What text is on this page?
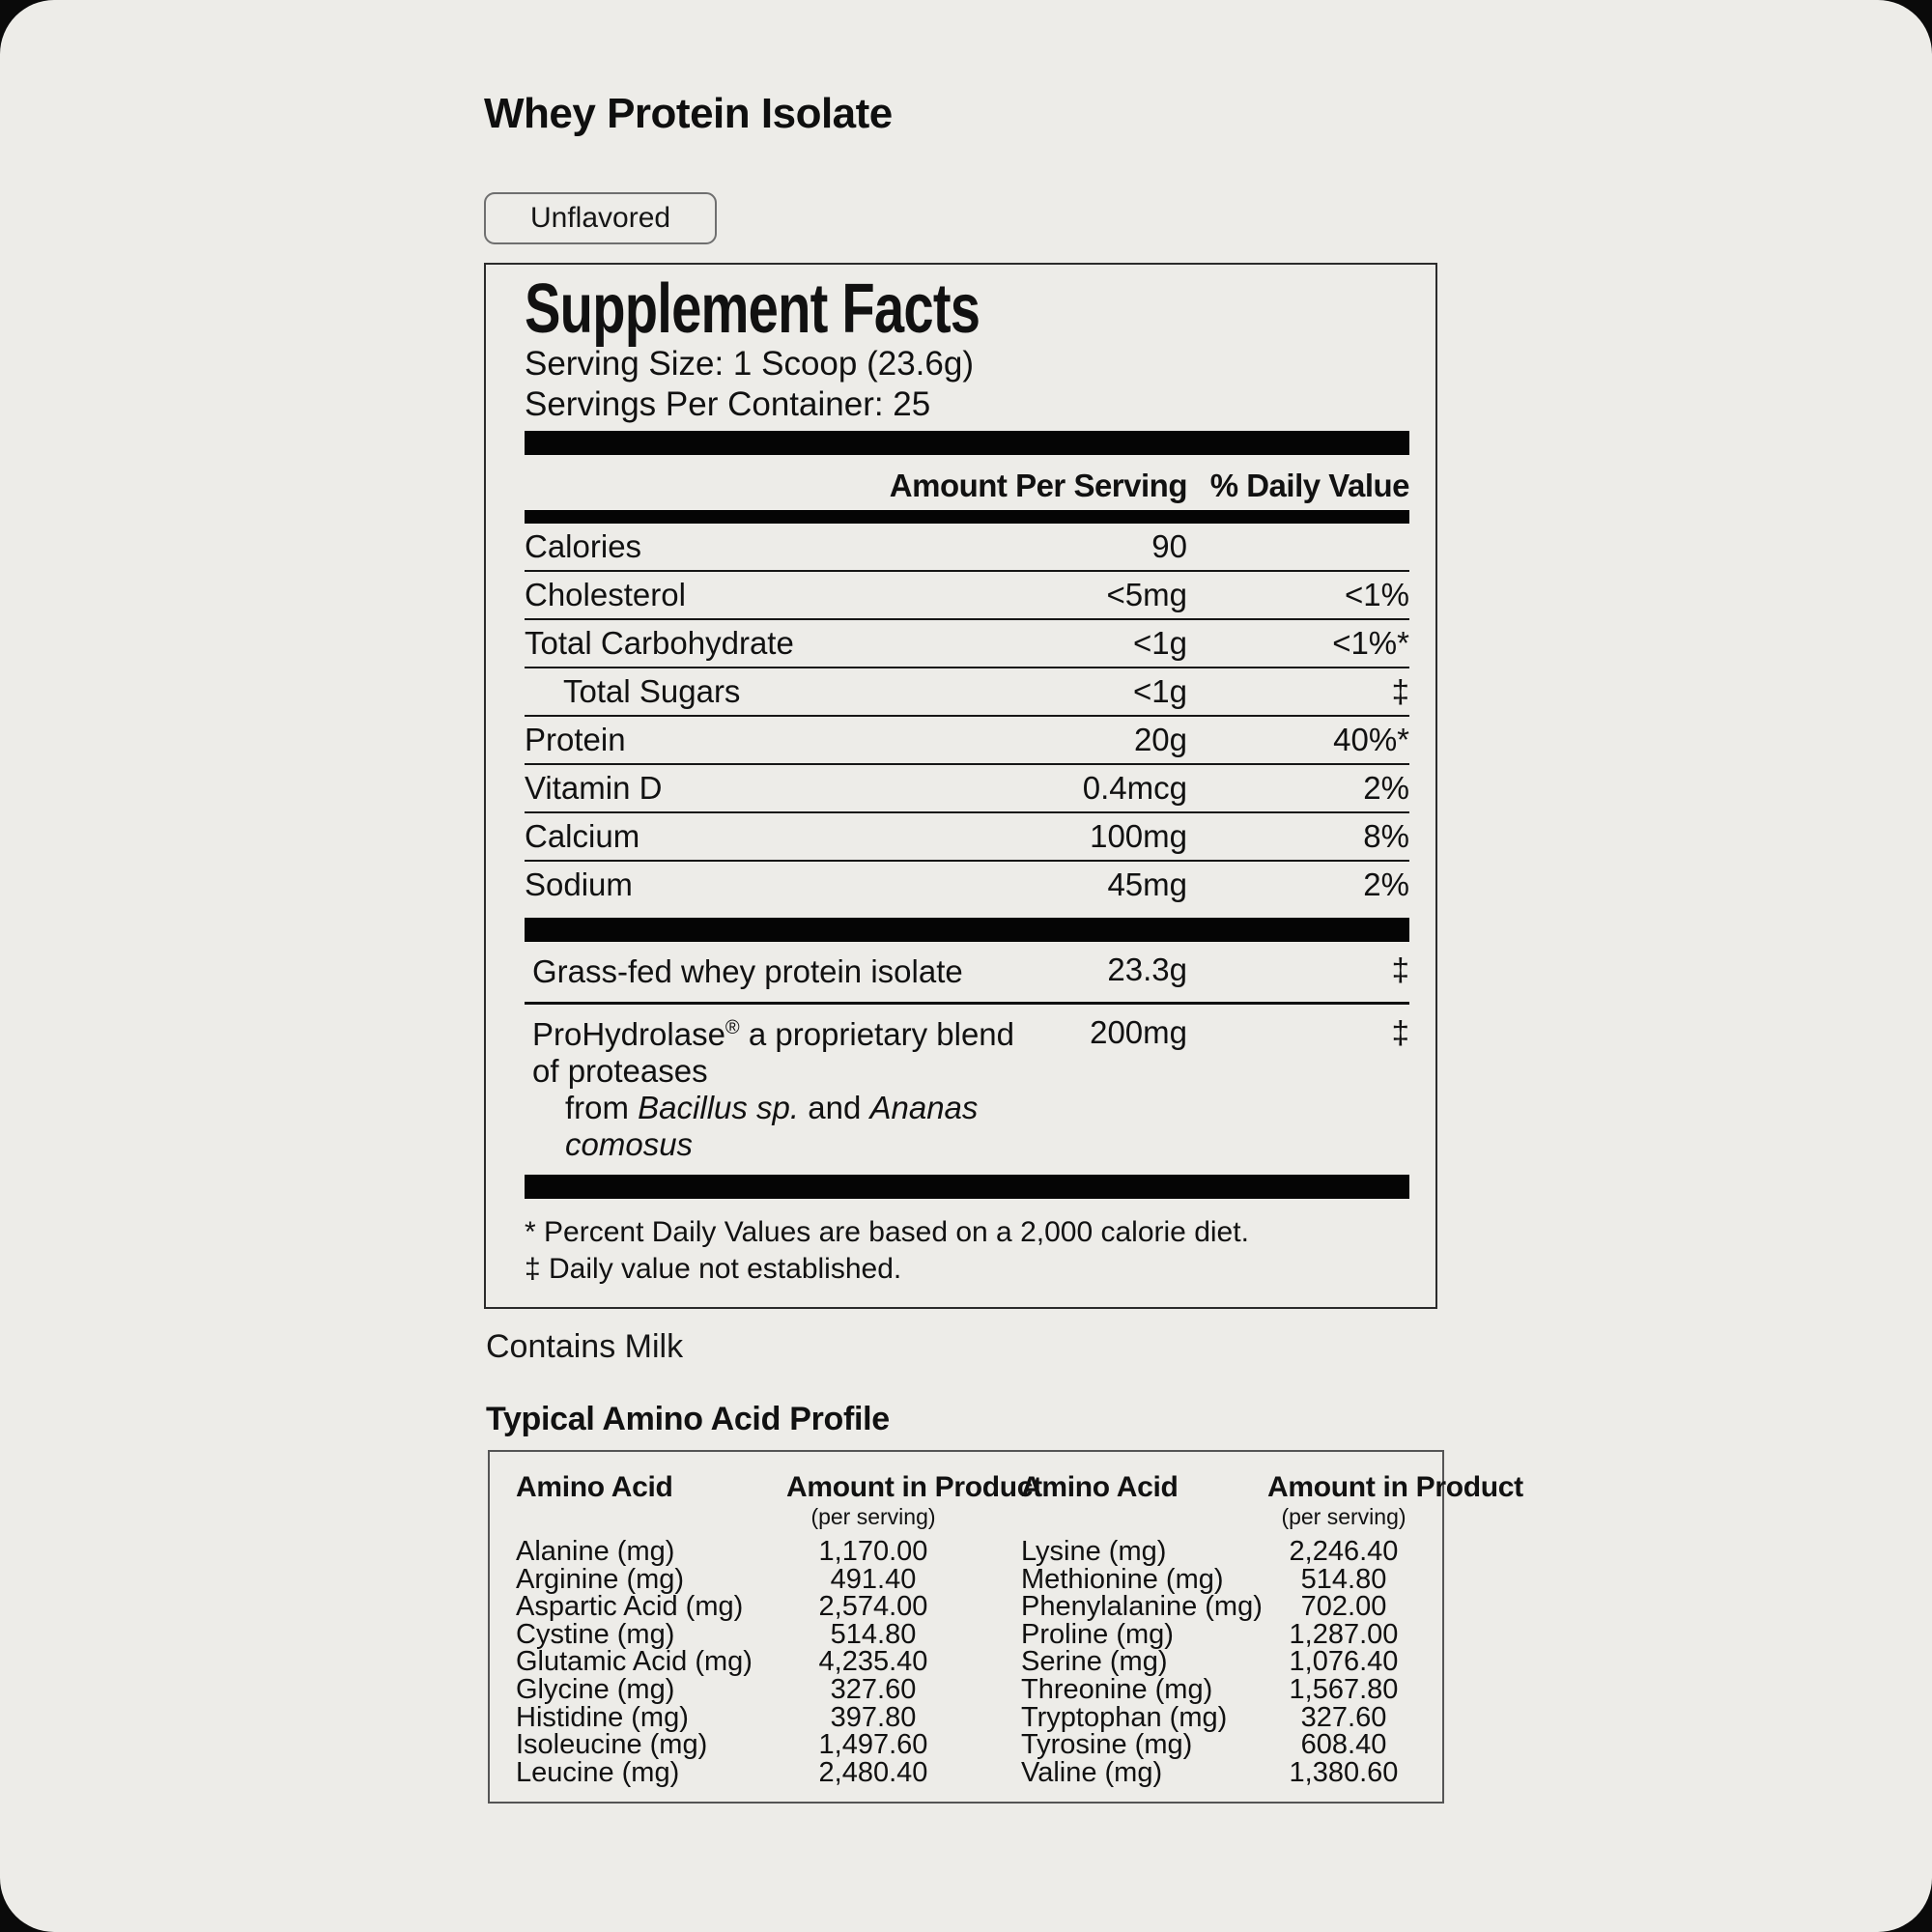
Whey Protein Isolate
Unflavored
Supplement Facts
Serving Size: 1 Scoop (23.6g)
Servings Per Container: 25
Amount Per Serving % Daily Value
Calories	90
Cholesterol	<5mg	<1%
Total Carbohydrate	<1g	<1%*
Total Sugars	<1g	‡
Protein	20g	40%*
Vitamin D	0.4mcg	2%
Calcium	100mg	8%
Sodium	45mg	2%
Grass-fed whey protein isolate	23.3g	‡
ProHydrolase® a proprietary blend of proteases
from Bacillus sp. and Ananas comosus
200mg	‡
* Percent Daily Values are based on a 2,000 calorie diet.
‡ Daily value not established.
Contains Milk
Typical Amino Acid Profile
Amino Acid	Amount in Product
(per serving)
Alanine (mg)	1,170.00
Arginine (mg)	491.40
Aspartic Acid (mg)	2,574.00
Cystine (mg)	514.80
Glutamic Acid (mg)	4,235.40
Glycine (mg)	327.60
Histidine (mg)	397.80
Isoleucine (mg)	1,497.60
Leucine (mg)	2,480.40
Amino Acid	Amount in Product
(per serving)
Lysine (mg)	2,246.40
Methionine (mg)	514.80
Phenylalanine (mg)	702.00
Proline (mg)	1,287.00
Serine (mg)	1,076.40
Threonine (mg)	1,567.80
Tryptophan (mg)	327.60
Tyrosine (mg)	608.40
Valine (mg)	1,380.60
